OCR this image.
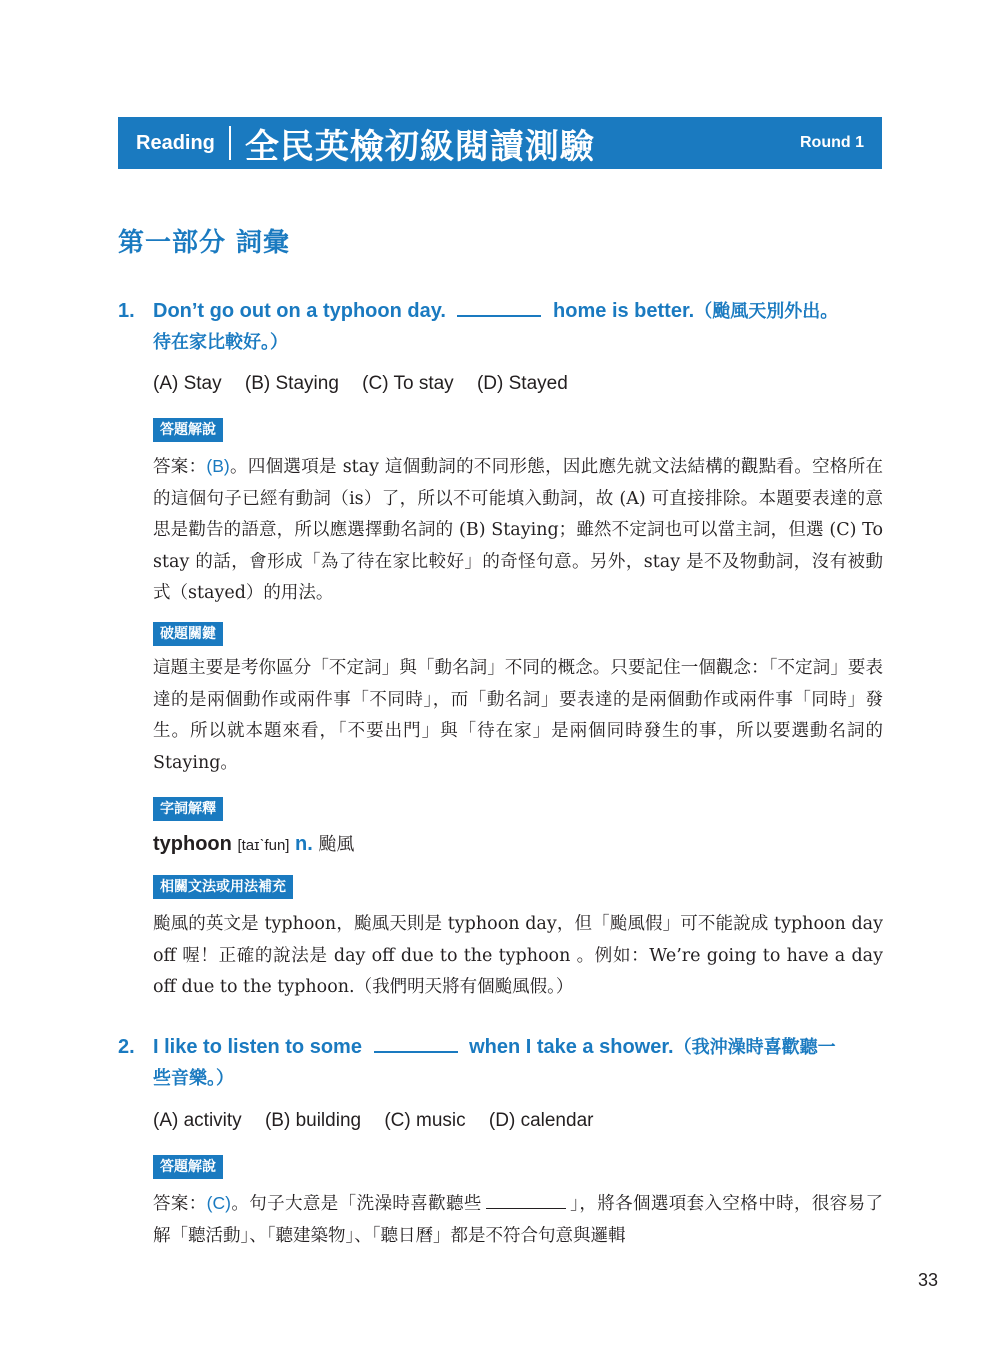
Reading 全民英檢初級閱讀測驗	Round 1
第一部分 詞彙
1. Don’t go out on a typhoon day.	home is better.（颱風天別外出。
待在家比較好。）
(A) Stay (B) Staying (C) To stay (D) Stayed
答題解說
答案：(B)。四個選項是 stay 這個動詞的不同形態，因此應先就文法結構的觀點看。空格所在的這個句子已經有動詞（is）了，所以不可能填入動詞，故 (A) 可直接排除。本題要表達的意思是勸告的語意，所以應選擇動名詞的 (B) Staying；雖然不定詞也可以當主詞，但選 (C) To stay 的話，會形成「為了待在家比較好」的奇怪句意。另外，stay 是不及物動詞，沒有被動式（stayed）的用法。
破題關鍵
這題主要是考你區分「不定詞」與「動名詞」不同的概念。只要記住一個觀念：「不定詞」要表達的是兩個動作或兩件事「不同時」，而「動名詞」要表達的是兩個動作或兩件事「同時」發生。所以就本題來看，「不要出門」與「待在家」是兩個同時發生的事，所以要選動名詞的 Staying。
字詞解釋
typhoon [taɪˋfun] n. 颱風
相關文法或用法補充
颱風的英文是 typhoon，颱風天則是 typhoon day，但「颱風假」可不能說成 typhoon day off 喔！正確的說法是 day off due to the typhoon 。例如：We’re going to have a day off due to the typhoon.（我們明天將有個颱風假。）
2. I like to listen to some	when I take a shower.（我沖澡時喜歡聽一
些音樂。）
(A) activity (B) building (C) music (D) calendar
答題解說
答案：(C)。句子大意是「洗澡時喜歡聽些	」，將各個選項套入空格中時，很容易了解「聽活動」、「聽建築物」、「聽日曆」都是不符合句意與邏輯
33
